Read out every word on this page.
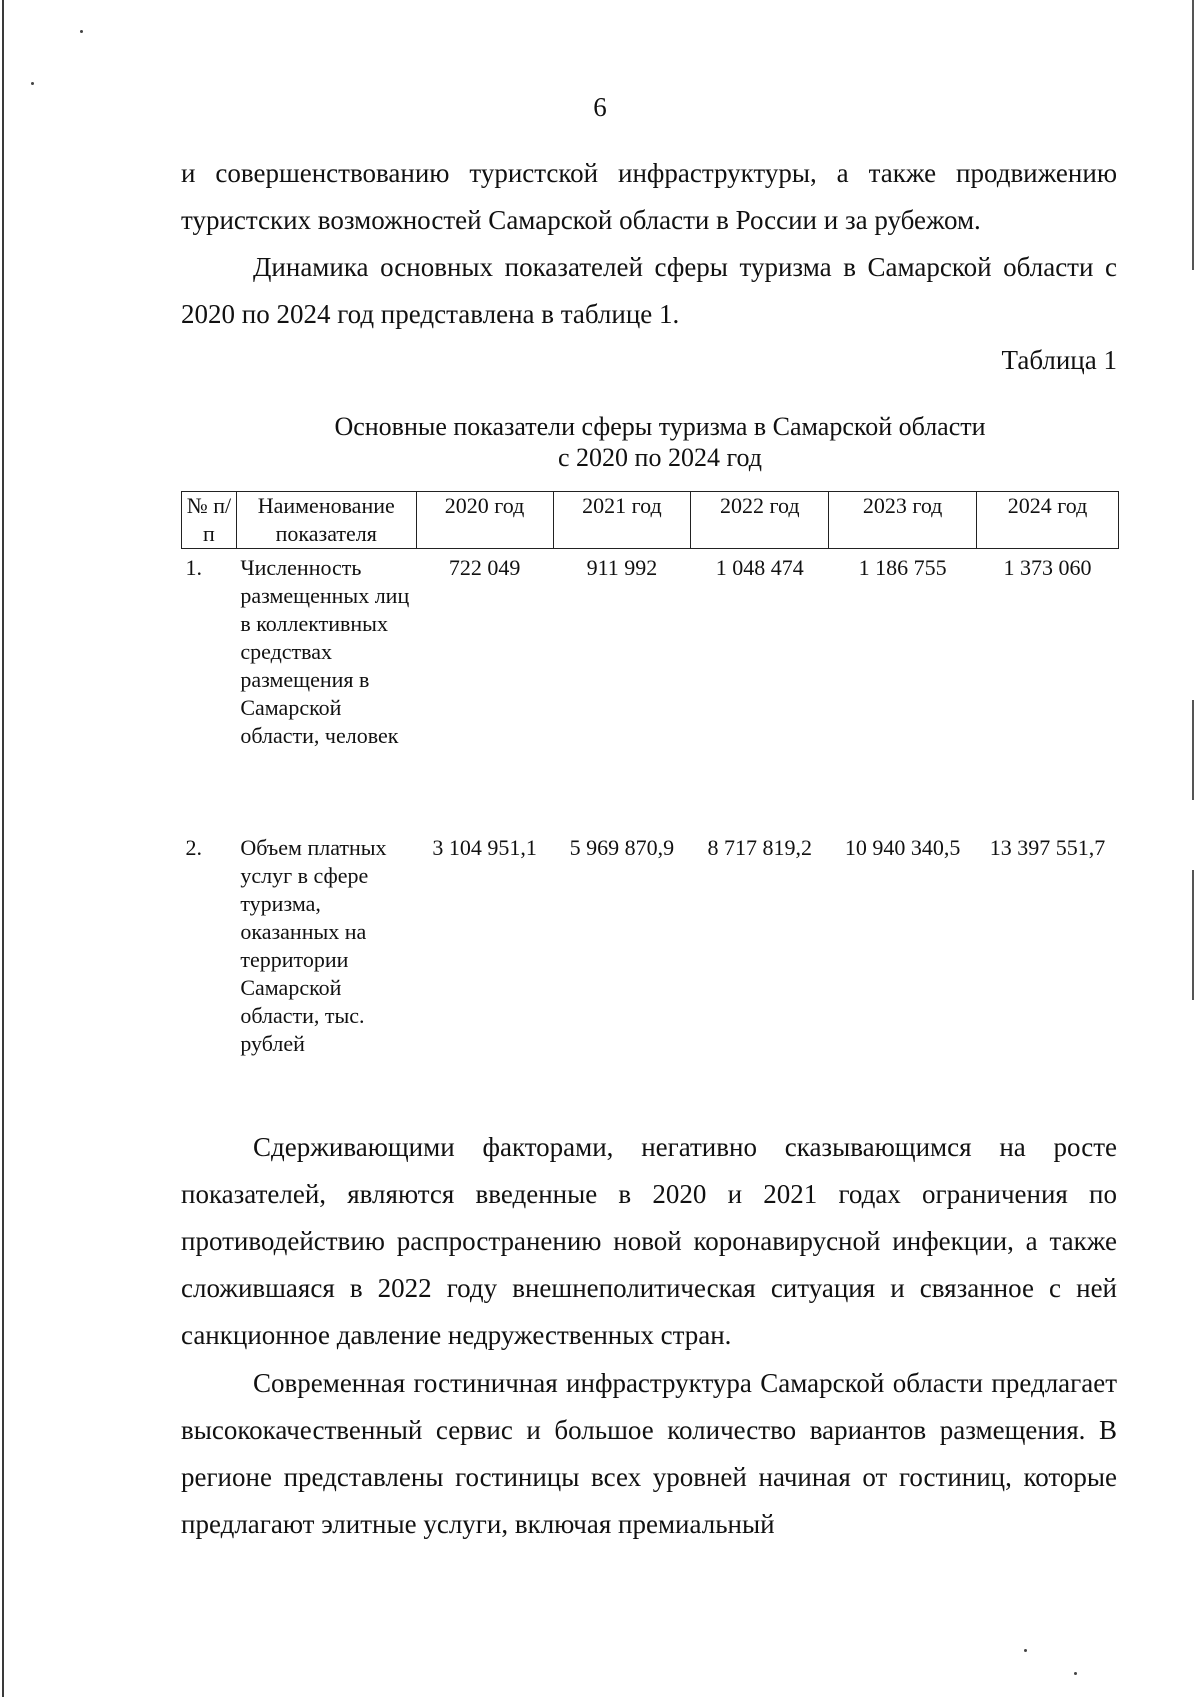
6

и совершенствованию туристской инфраструктуры, а также продвижению туристских возможностей Самарской области в России и за рубежом.

Динамика основных показателей сферы туризма в Самарской области с 2020 по 2024 год представлена в таблице 1.

Таблица 1
Основные показатели сферы туризма в Самарской области
с 2020 по 2024 год
№ п/п	Наименование показателя	2020 год	2021 год	2022 год	2023 год	2024 год
1.	Численность размещенных лиц в коллективных средствах размещения в Самарской области, человек	722 049	911 992	1 048 474	1 186 755	1 373 060
2.	Объем платных услуг в сфере туризма, оказанных на территории Самарской области, тыс. рублей	3 104 951,1	5 969 870,9	8 717 819,2	10 940 340,5	13 397 551,7

Сдерживающими факторами, негативно сказывающимся на росте показателей, являются введенные в 2020 и 2021 годах ограничения по противодействию распространению новой коронавирусной инфекции, а также сложившаяся в 2022 году внешнеполитическая ситуация и связанное с ней санкционное давление недружественных стран.

Современная гостиничная инфраструктура Самарской области предлагает высококачественный сервис и большое количество вариантов размещения. В регионе представлены гостиницы всех уровней начиная от гостиниц, которые предлагают элитные услуги, включая премиальный
